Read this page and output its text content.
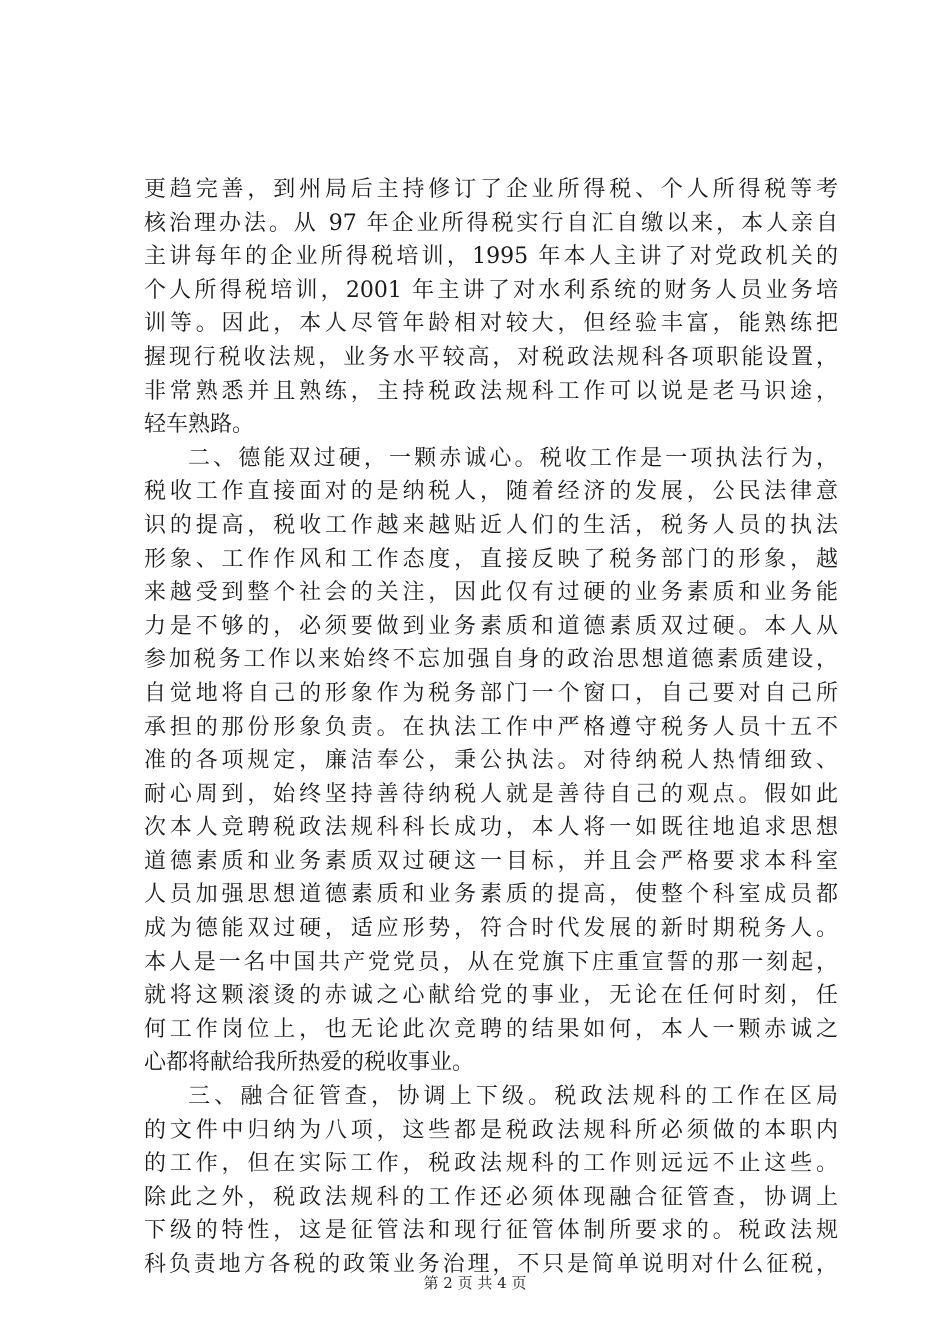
更趋完善，到州局后主持修订了企业所得税、个人所得税等考
核治理办法。从 97 年企业所得税实行自汇自缴以来，本人亲自
主讲每年的企业所得税培训，1995 年本人主讲了对党政机关的
个人所得税培训，2001 年主讲了对水利系统的财务人员业务培
训等。因此，本人尽管年龄相对较大，但经验丰富，能熟练把
握现行税收法规，业务水平较高，对税政法规科各项职能设置，
非常熟悉并且熟练，主持税政法规科工作可以说是老马识途，
轻车熟路。
二、德能双过硬，一颗赤诚心。税收工作是一项执法行为，
税收工作直接面对的是纳税人，随着经济的发展，公民法律意
识的提高，税收工作越来越贴近人们的生活，税务人员的执法
形象、工作作风和工作态度，直接反映了税务部门的形象，越
来越受到整个社会的关注，因此仅有过硬的业务素质和业务能
力是不够的，必须要做到业务素质和道德素质双过硬。本人从
参加税务工作以来始终不忘加强自身的政治思想道德素质建设，
自觉地将自己的形象作为税务部门一个窗口，自己要对自己所
承担的那份形象负责。在执法工作中严格遵守税务人员十五不
准的各项规定，廉洁奉公，秉公执法。对待纳税人热情细致、
耐心周到，始终坚持善待纳税人就是善待自己的观点。假如此
次本人竞聘税政法规科科长成功，本人将一如既往地追求思想
道德素质和业务素质双过硬这一目标，并且会严格要求本科室
人员加强思想道德素质和业务素质的提高，使整个科室成员都
成为德能双过硬，适应形势，符合时代发展的新时期税务人。
本人是一名中国共产党党员，从在党旗下庄重宣誓的那一刻起，
就将这颗滚烫的赤诚之心献给党的事业，无论在任何时刻，任
何工作岗位上，也无论此次竞聘的结果如何，本人一颗赤诚之
心都将献给我所热爱的税收事业。
三、融合征管查，协调上下级。税政法规科的工作在区局
的文件中归纳为八项，这些都是税政法规科所必须做的本职内
的工作，但在实际工作，税政法规科的工作则远远不止这些。
除此之外，税政法规科的工作还必须体现融合征管查，协调上
下级的特性，这是征管法和现行征管体制所要求的。税政法规
科负责地方各税的政策业务治理，不只是简单说明对什么征税，
第 2 页 共 4 页
